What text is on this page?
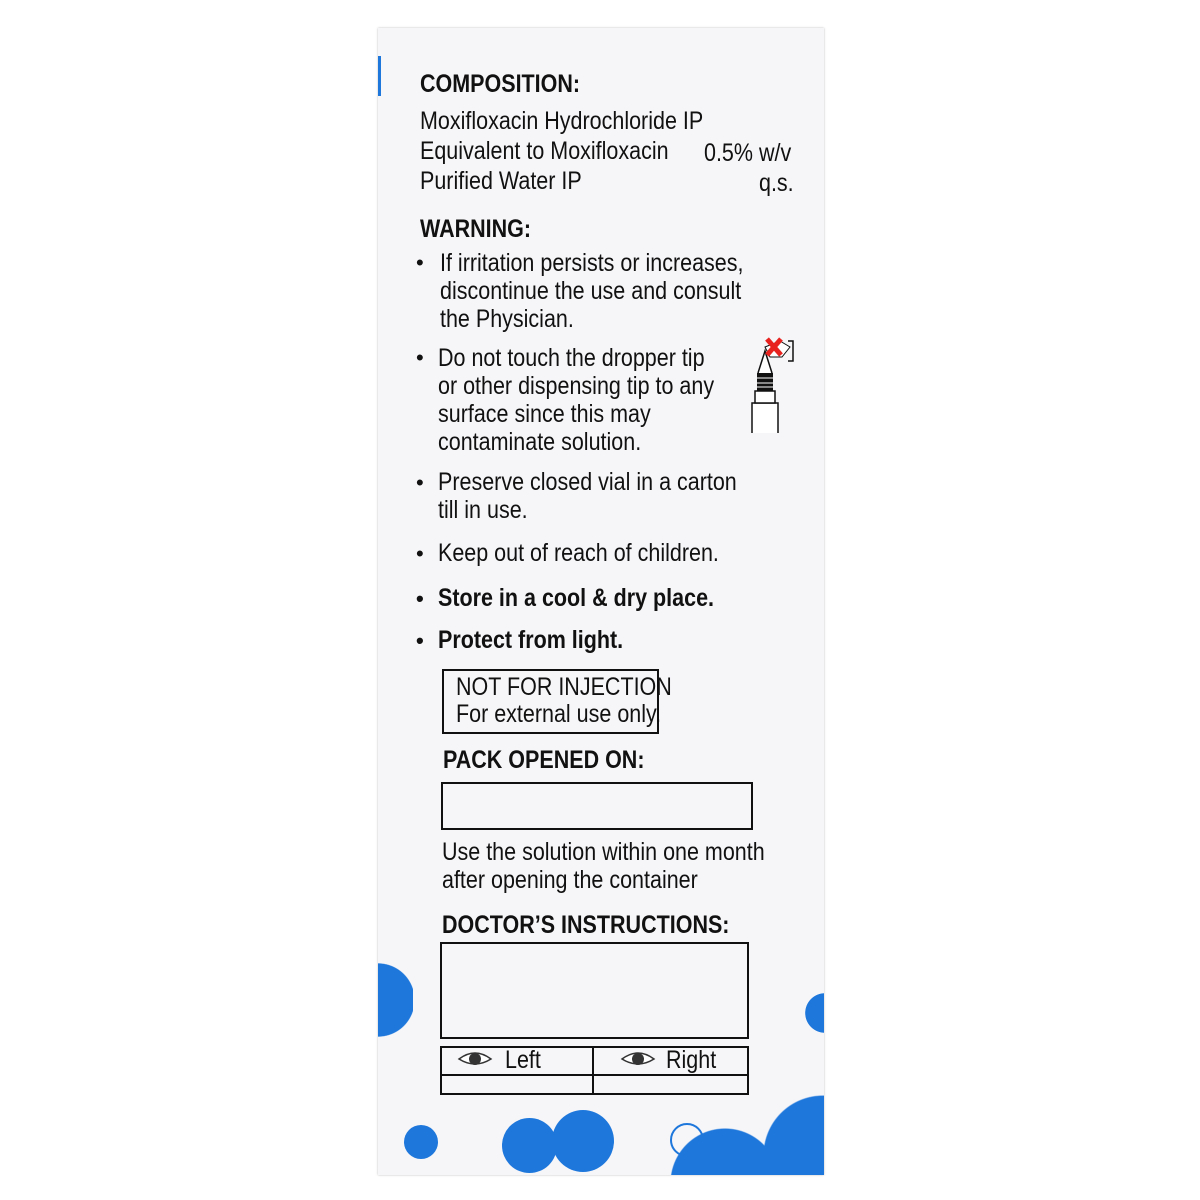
COMPOSITION:
Moxifloxacin Hydrochloride IP
Equivalent to Moxifloxacin 0.5% w/v
Purified Water IP	q.s.
WARNING:
• If irritation persists or increases,
discontinue the use and consult
the Physician.
• Do not touch the dropper tip
or other dispensing tip to any
surface since this may
contaminate solution.
• Preserve closed vial in a carton
till in use.
• Keep out of reach of children.
• Store in a cool & dry place.
• Protect from light.
NOT FOR INJECTION
For external use only.
PACK OPENED ON:
Use the solution within one month
after opening the container
DOCTOR’S INSTRUCTIONS:
Left	Right
